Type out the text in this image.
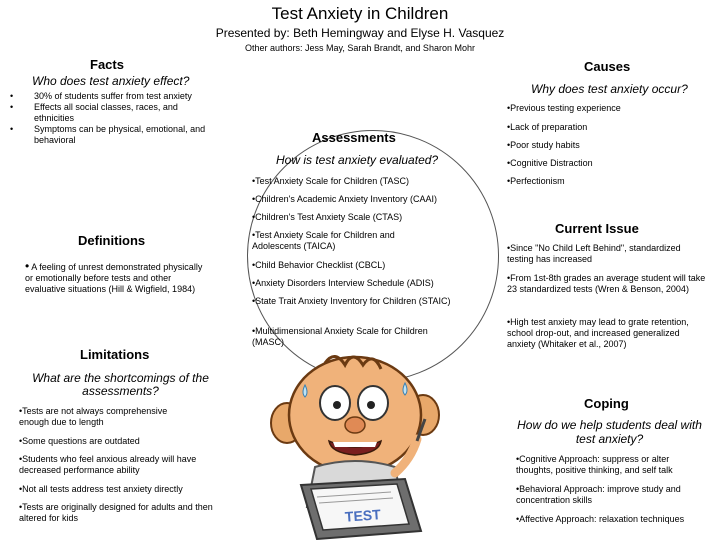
Test Anxiety in Children
Presented by: Beth Hemingway and Elyse H. Vasquez
Other authors: Jess May, Sarah Brandt, and Sharon Mohr
Facts
Who does test anxiety effect?
• 30% of students suffer from test anxiety
• Effects all social classes, races, and ethnicities
• Symptoms can be physical, emotional, and behavioral
Causes
Why does test anxiety occur?
•Previous testing experience
•Lack of preparation
•Poor study habits
•Cognitive Distraction
•Perfectionism
Assessments
How is test anxiety evaluated?
•Test Anxiety Scale for Children (TASC)
•Children's Academic Anxiety Inventory (CAAI)
•Children's Test Anxiety Scale (CTAS)
•Test Anxiety Scale for Children and Adolescents (TAICA)
•Child Behavior Checklist (CBCL)
•Anxiety Disorders Interview Schedule (ADIS)
•State Trait Anxiety Inventory for Children (STAIC)
•Multidimensional Anxiety Scale for Children (MASC)
Definitions
• A feeling of unrest demonstrated physically or emotionally before tests and other evaluative situations (Hill & Wigfield, 1984)
Limitations
What are the shortcomings of the assessments?
•Tests are not always comprehensive enough due to length
•Some questions are outdated
•Students who feel anxious already will have decreased performance ability
•Not all tests address test anxiety directly
•Tests are originally designed for adults and then altered for kids
Current Issue
•Since "No Child Left Behind", standardized testing has increased
•From 1st-8th grades an average student will take 23 standardized tests (Wren & Benson, 2004)
•High test anxiety may lead to grate retention, school drop-out, and increased generalized anxiety (Whitaker et al., 2007)
Coping
How do we help students deal with test anxiety?
•Cognitive Approach: suppress or alter thoughts, positive thinking, and self talk
•Behavioral Approach: improve study and concentration skills
•Affective Approach: relaxation techniques
TEST
